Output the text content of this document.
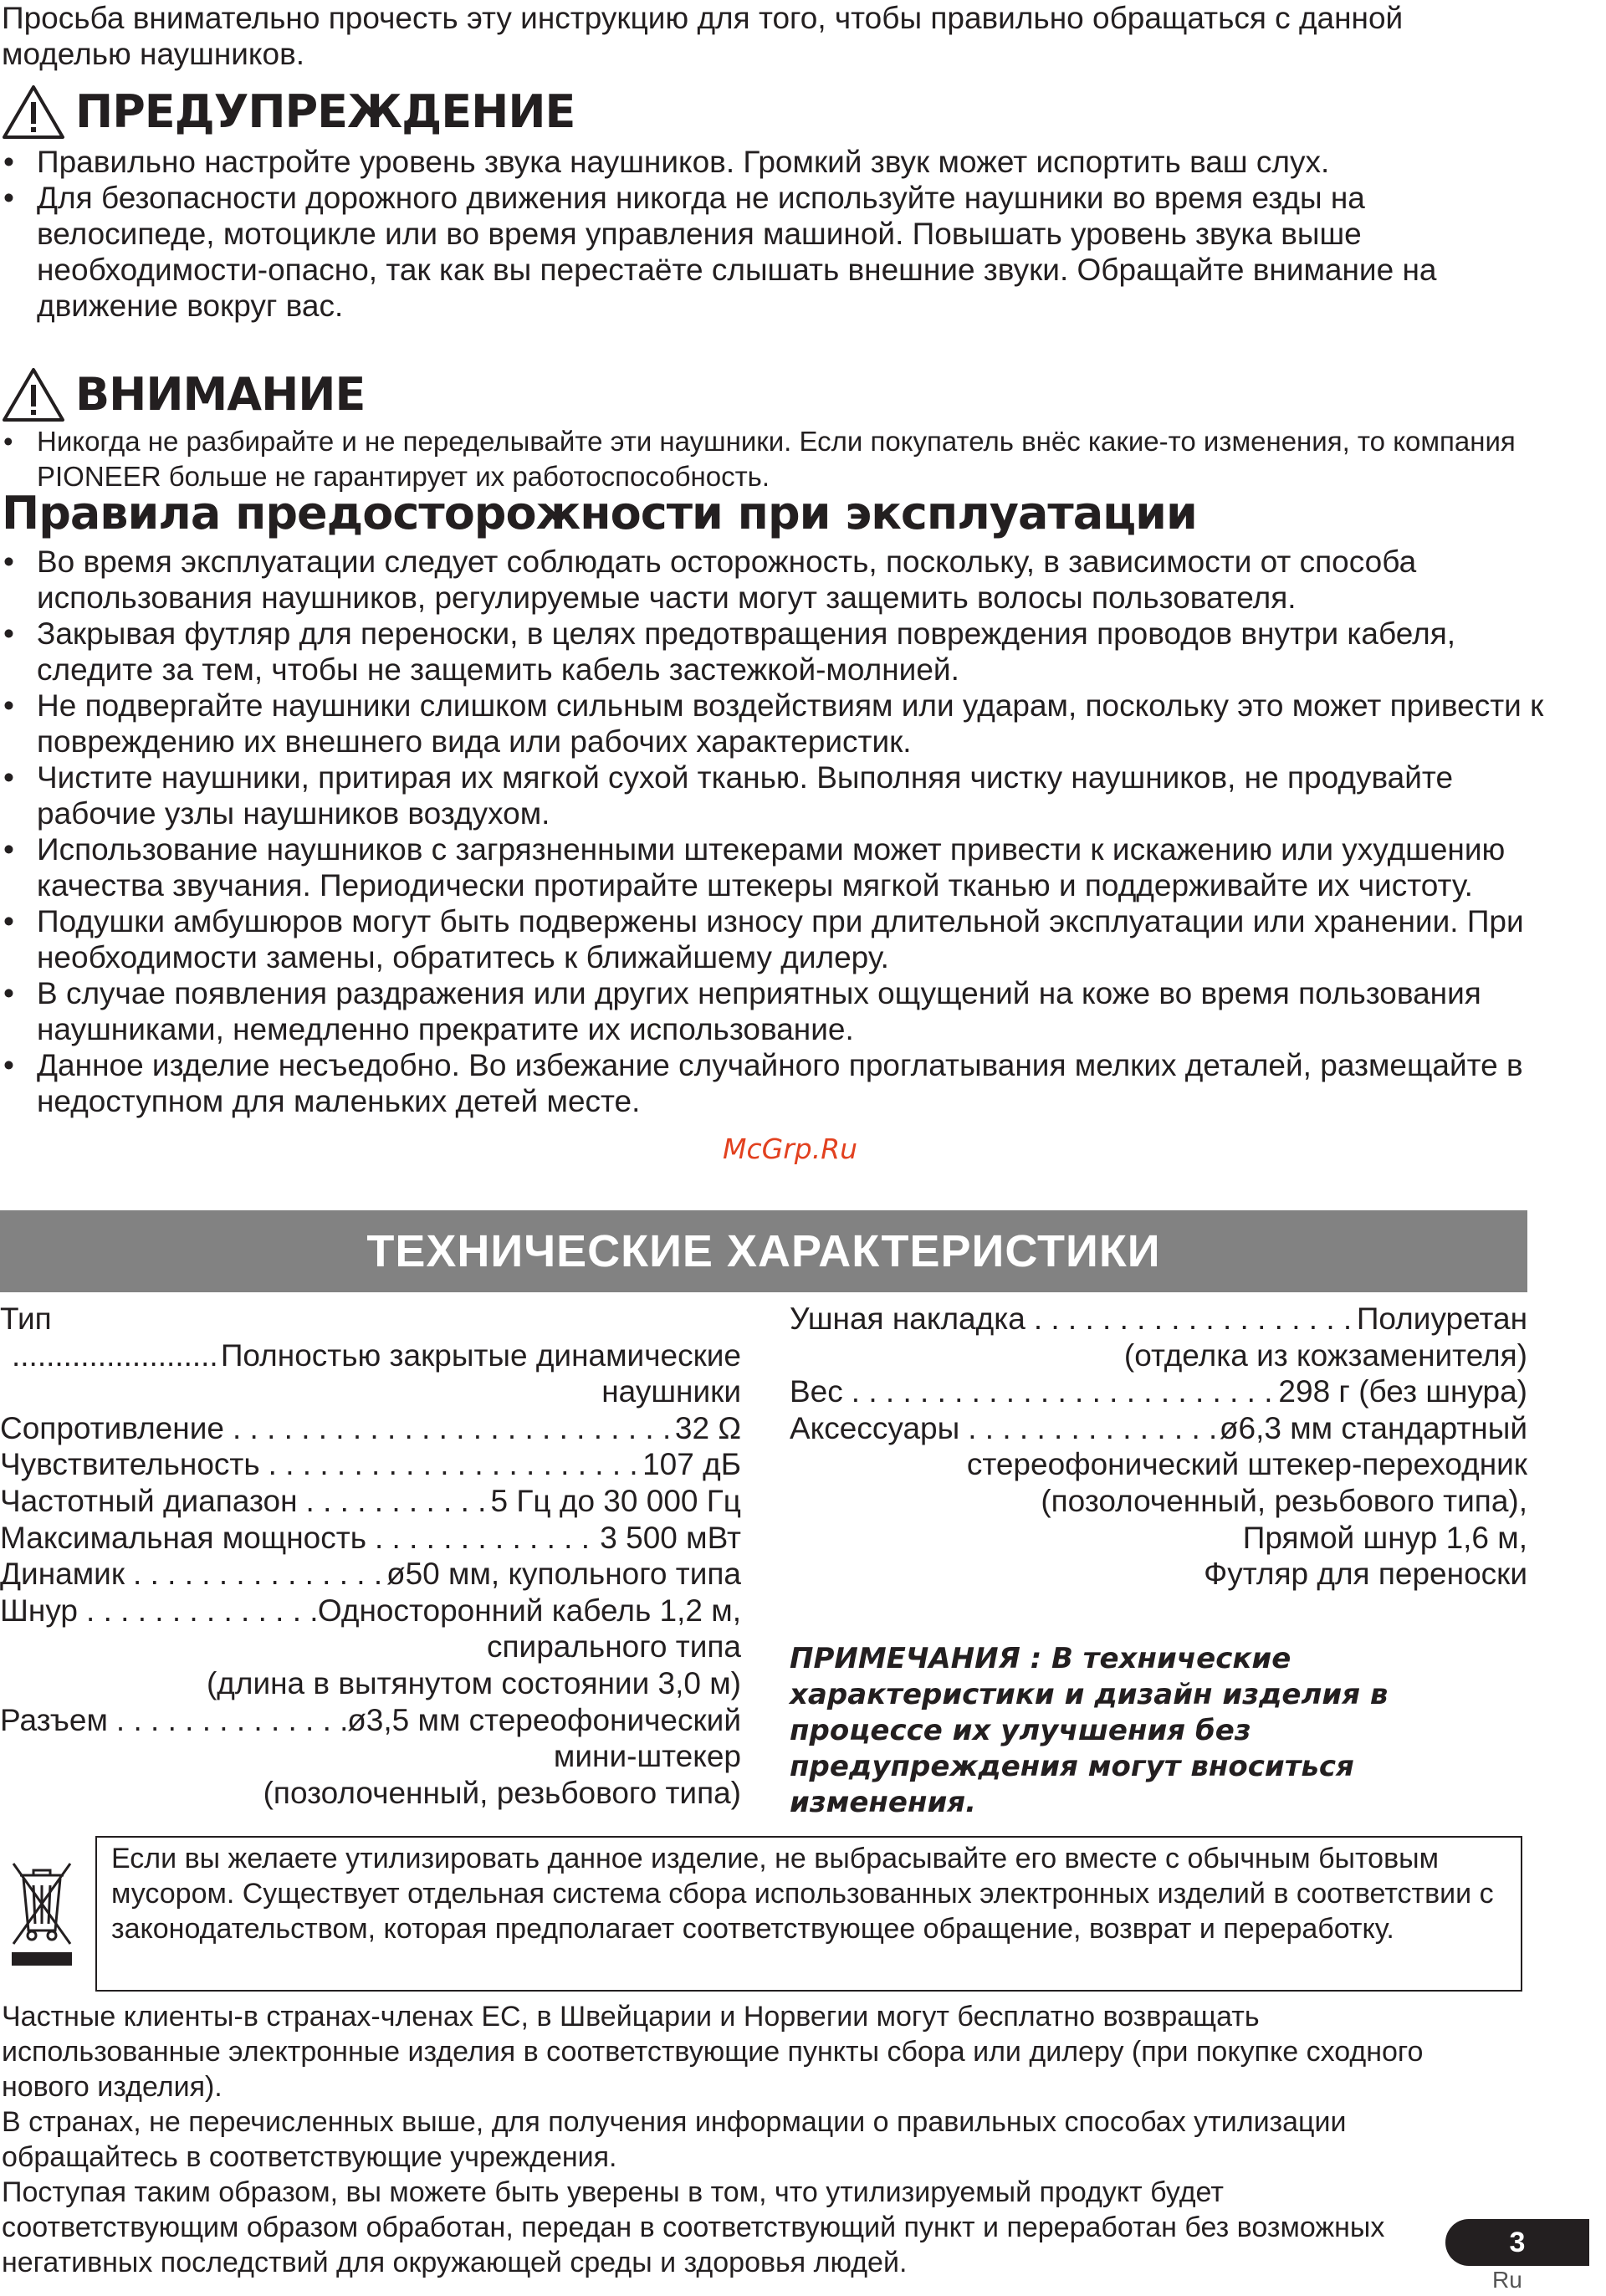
Просьба внимательно прочесть эту инструкцию для того, чтобы правильно обращаться с данной моделью наушников.
ПРЕДУПРЕЖДЕНИЕ
• Правильно настройте уровень звука наушников. Громкий звук может испортить ваш слух.
• Для безопасности дорожного движения никогда не используйте наушники во время езды на велосипеде, мотоцикле или во время управления машиной. Повышать уровень звука выше необходимости-опасно, так как вы перестаёте слышать внешние звуки. Обращайте внимание на движение вокруг вас.
ВНИМАНИЕ
• Никогда не разбирайте и не переделывайте эти наушники. Если покупатель внёс какие-то изменения, то компания PIONEER больше не гарантирует их работоспособность.
Правила предосторожности при эксплуатации
• Во время эксплуатации следует соблюдать осторожность, поскольку, в зависимости от способа использования наушников, регулируемые части могут защемить волосы пользователя.
• Закрывая футляр для переноски, в целях предотвращения повреждения проводов внутри кабеля, следите за тем, чтобы не защемить кабель застежкой-молнией.
• Не подвергайте наушники слишком сильным воздействиям или ударам, поскольку это может привести к повреждению их внешнего вида или рабочих характеристик.
• Чистите наушники, притирая их мягкой сухой тканью. Выполняя чистку наушников, не продувайте рабочие узлы наушников воздухом.
• Использование наушников с загрязненными штекерами может привести к искажению или ухудшению качества звучания. Периодически протирайте штекеры мягкой тканью и поддерживайте их чистоту.
• Подушки амбушюров могут быть подвержены износу при длительной эксплуатации или хранении. При необходимости замены, обратитесь к ближайшему дилеру.
• В случае появления раздражения или других неприятных ощущений на коже во время пользования наушниками, немедленно прекратите их использование.
• Данное изделие несъедобно. Во избежание случайного проглатывания мелких деталей, размещайте в недоступном для маленьких детей месте.
McGrp.Ru
ТЕХНИЧЕСКИЕ ХАРАКТЕРИСТИКИ
Тип
.....
Полностью закрытые динамические
наушники
Сопротивление . . .	32 Ω
Чувствительность . . .	107 дБ
Частотный диапазон . . .	5 Гц до 30 000 Гц
Максимальная мощность . . .	3 500 мВт
Динамик . . .	ø50 мм, купольного типа
Шнур . . .	Односторонний кабель 1,2 м,
спирального типа
(длина в вытянутом состоянии 3,0 м)
Разъем . . .	ø3,5 мм стереофонический
мини-штекер
(позолоченный, резьбового типа)
Ушная накладка . . .	Полиуретан
(отделка из кожзаменителя)
Вес . . .	298 г (без шнура)
Аксессуары . . .	ø6,3 мм стандартный
стереофонический штекер-переходник
(позолоченный, резьбового типа),
Прямой шнур 1,6 м,
Футляр для переноски
ПРИМЕЧАНИЯ : В технические характеристики и дизайн изделия в процессе их улучшения без предупреждения могут вноситься изменения.
Если вы желаете утилизировать данное изделие, не выбрасывайте его вместе с обычным бытовым мусором. Существует отдельная система сбора использованных электронных изделий в соответствии с законодательством, которая предполагает соответствующее обращение, возврат и переработку.

Частные клиенты-в странах-членах ЕС, в Швейцарии и Норвегии могут бесплатно возвращать использованные электронные изделия в соответствующие пункты сбора или дилеру (при покупке сходного нового изделия).

В странах, не перечисленных выше, для получения информации о правильных способах утилизации обращайтесь в соответствующие учреждения.

Поступая таким образом, вы можете быть уверены в том, что утилизируемый продукт будет соответствующим образом обработан, передан в соответствующий пункт и переработан без возможных негативных последствий для окружающей среды и здоровья людей.

3
Ru
